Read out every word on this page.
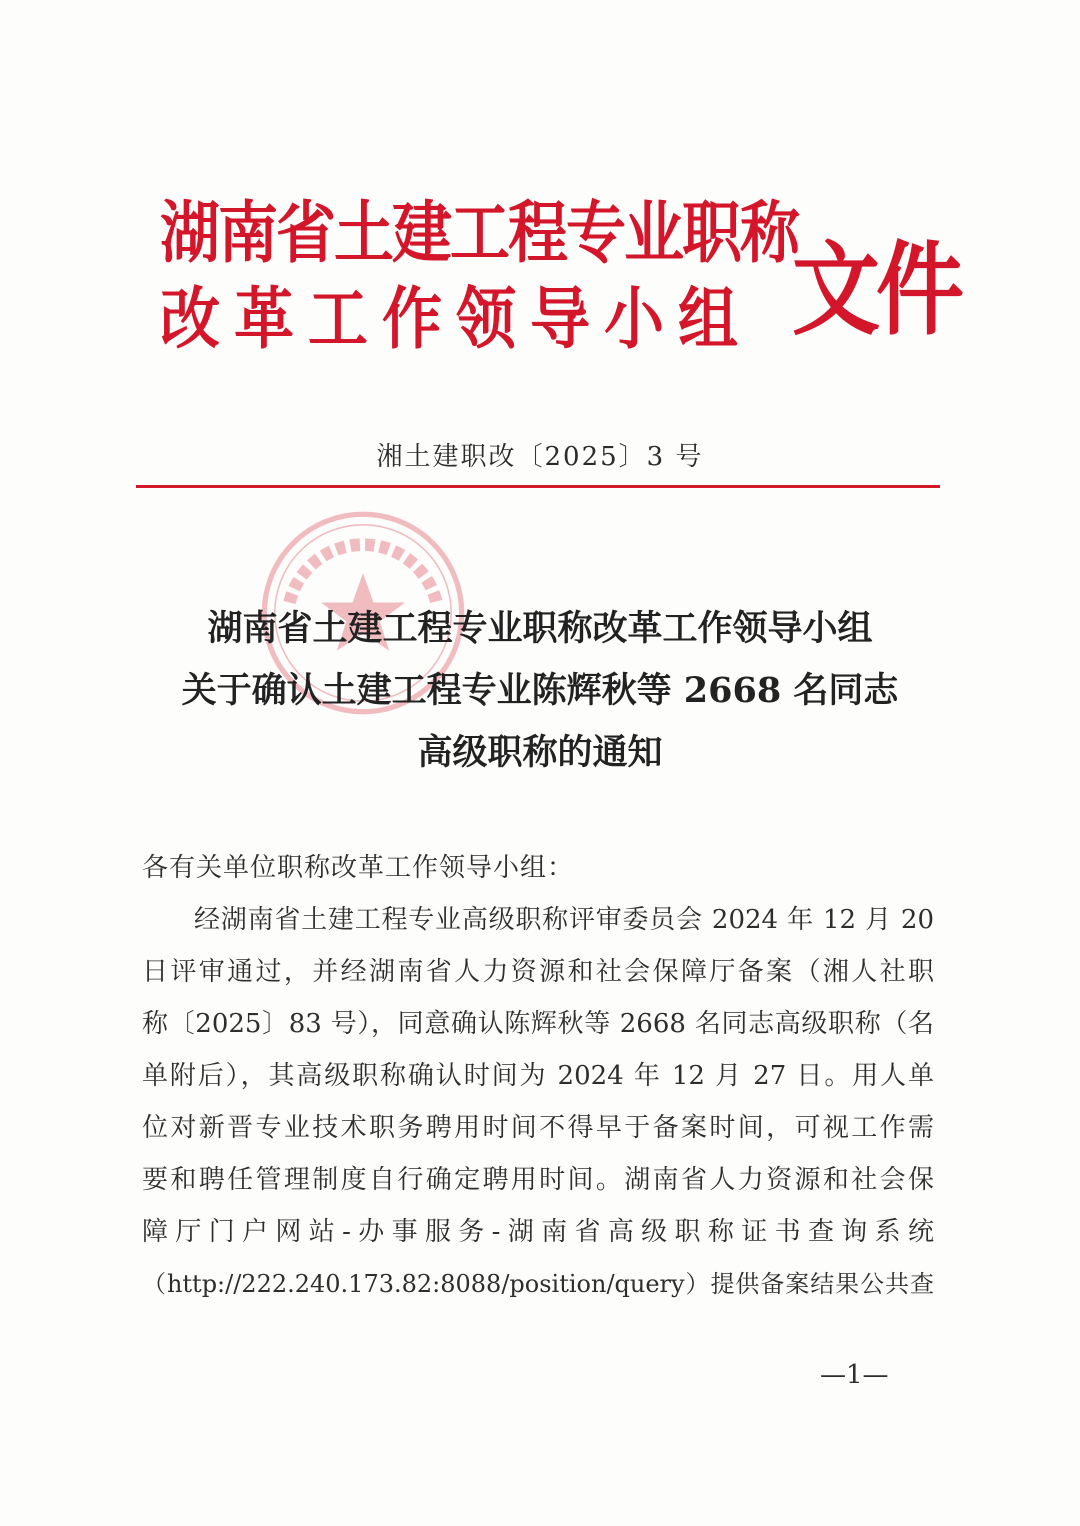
湖南省土建工程专业职称
改革工作领导小组 文件
湘土建职改〔2025〕3 号
湖南省土建工程专业职称改革工作领导小组
关于确认土建工程专业陈辉秋等 2668 名同志
高级职称的通知
各有关单位职称改革工作领导小组：
经湖南省土建工程专业高级职称评审委员会 2024 年 12 月 20
日评审通过，并经湖南省人力资源和社会保障厅备案（湘人社职
称〔2025〕83 号），同意确认陈辉秋等 2668 名同志高级职称（名
单附后），其高级职称确认时间为 2024 年 12 月 27 日。用人单
位对新晋专业技术职务聘用时间不得早于备案时间，可视工作需
要和聘任管理制度自行确定聘用时间。湖南省人力资源和社会保
障厅门户网站-办事服务-湖南省高级职称证书查询系统
（http://222.240.173.82:8088/position/query）提供备案结果公共查
—1—
